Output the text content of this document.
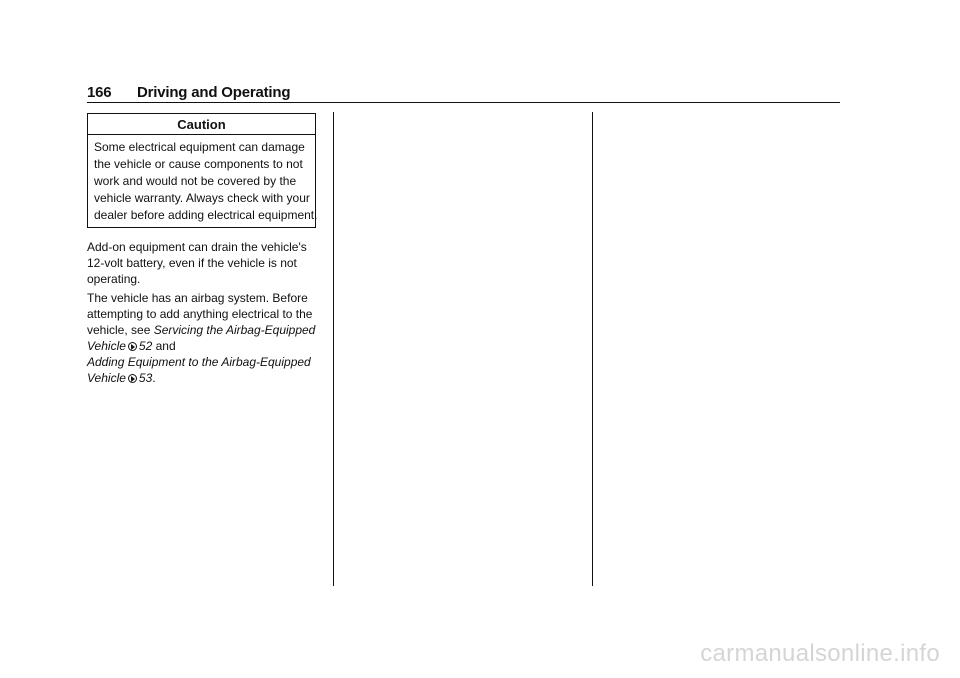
166 Driving and Operating
Caution
Some electrical equipment can damage
the vehicle or cause components to not
work and would not be covered by the
vehicle warranty. Always check with your
dealer before adding electrical equipment.
Add-on equipment can drain the vehicle's
12-volt battery, even if the vehicle is not
operating.
The vehicle has an airbag system. Before
attempting to add anything electrical to the
vehicle, see Servicing the Airbag-Equipped
Vehicle 52 and
Adding Equipment to the Airbag-Equipped
Vehicle 53.
carmanualsonline.info
